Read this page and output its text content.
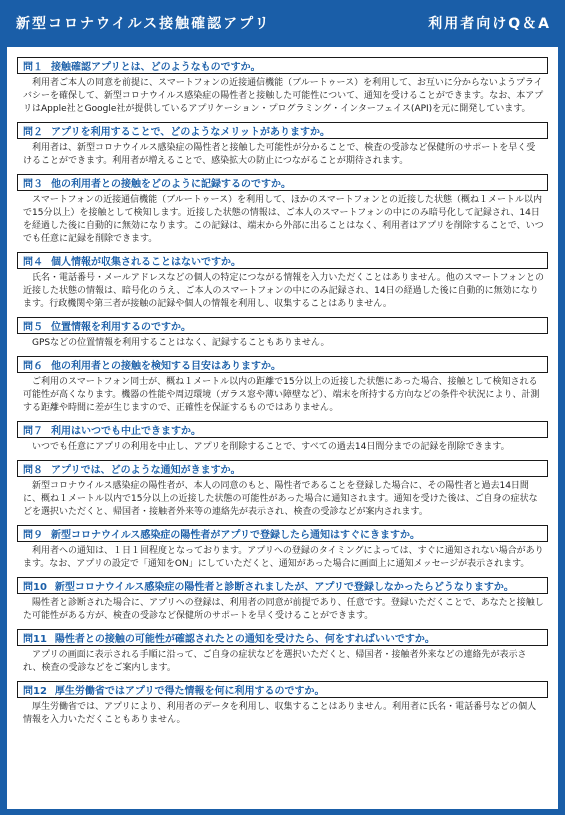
新型コロナウイルス接触確認アプリ	利用者向けQ＆A
問１ 接触確認アプリとは、どのようなものですか。
利用者ご本人の同意を前提に、スマートフォンの近接通信機能（ブルートゥース）を利用して、お互いに分からないようプライバシーを確保して、新型コロナウイルス感染症の陽性者と接触した可能性について、通知を受けることができます。なお、本アプリはApple社とGoogle社が提供しているアプリケーション・プログラミング・インターフェイス(API)を元に開発しています。
問２ アプリを利用することで、どのようなメリットがありますか。
利用者は、新型コロナウイルス感染症の陽性者と接触した可能性が分かることで、検査の受診など保健所のサポートを早く受けることができます。利用者が増えることで、感染拡大の防止につながることが期待されます。
問３ 他の利用者との接触をどのように記録するのですか。
スマートフォンの近接通信機能（ブルートゥース）を利用して、ほかのスマートフォンとの近接した状態（概ね１メートル以内で15分以上）を接触として検知します。近接した状態の情報は、ご本人のスマートフォンの中にのみ暗号化して記録され、14日を経過した後に自動的に無効になります。この記録は、端末から外部に出ることはなく、利用者はアプリを削除することで、いつでも任意に記録を削除できます。
問４ 個人情報が収集されることはないですか。
氏名・電話番号・メールアドレスなどの個人の特定につながる情報を入力いただくことはありません。他のスマートフォンとの近接した状態の情報は、暗号化のうえ、ご本人のスマートフォンの中にのみ記録され、14日の経過した後に自動的に無効になります。行政機関や第三者が接触の記録や個人の情報を利用し、収集することはありません。
問５ 位置情報を利用するのですか。
GPSなどの位置情報を利用することはなく、記録することもありません。
問６ 他の利用者との接触を検知する目安はありますか。
ご利用のスマートフォン同士が、概ね１メートル以内の距離で15分以上の近接した状態にあった場合、接触として検知される可能性が高くなります。機器の性能や周辺環境（ガラス窓や薄い障壁など）、端末を所持する方向などの条件や状況により、計測する距離や時間に差が生じますので、正確性を保証するものではありません。
問７ 利用はいつでも中止できますか。
いつでも任意にアプリの利用を中止し、アプリを削除することで、すべての過去14日間分までの記録を削除できます。
問８ アプリでは、どのような通知がきますか。
新型コロナウイルス感染症の陽性者が、本人の同意のもと、陽性者であることを登録した場合に、その陽性者と過去14日間に、概ね１メートル以内で15分以上の近接した状態の可能性があった場合に通知されます。通知を受けた後は、ご自身の症状などを選択いただくと、帰国者・接触者外来等の連絡先が表示され、検査の受診などが案内されます。
問９ 新型コロナウイルス感染症の陽性者がアプリで登録したら通知はすぐにきますか。
利用者への通知は、１日１回程度となっております。アプリへの登録のタイミングによっては、すぐに通知されない場合があります。なお、アプリの設定で「通知をON」にしていただくと、通知があった場合に画面上に通知メッセージが表示されます。
問10 新型コロナウイルス感染症の陽性者と診断されましたが、アプリで登録しなかったらどうなりますか。
陽性者と診断された場合に、アプリへの登録は、利用者の同意が前提であり、任意です。登録いただくことで、あなたと接触した可能性がある方が、検査の受診など保健所のサポートを早く受けることができます。
問11 陽性者との接触の可能性が確認されたとの通知を受けたら、何をすればいいですか。
アプリの画面に表示される手順に沿って、ご自身の症状などを選択いただくと、帰国者・接触者外来などの連絡先が表示され、検査の受診などをご案内します。
問12 厚生労働省ではアプリで得た情報を何に利用するのですか。
厚生労働省では、アプリにより、利用者のデータを利用し、収集することはありません。利用者に氏名・電話番号などの個人情報を入力いただくこともありません。
